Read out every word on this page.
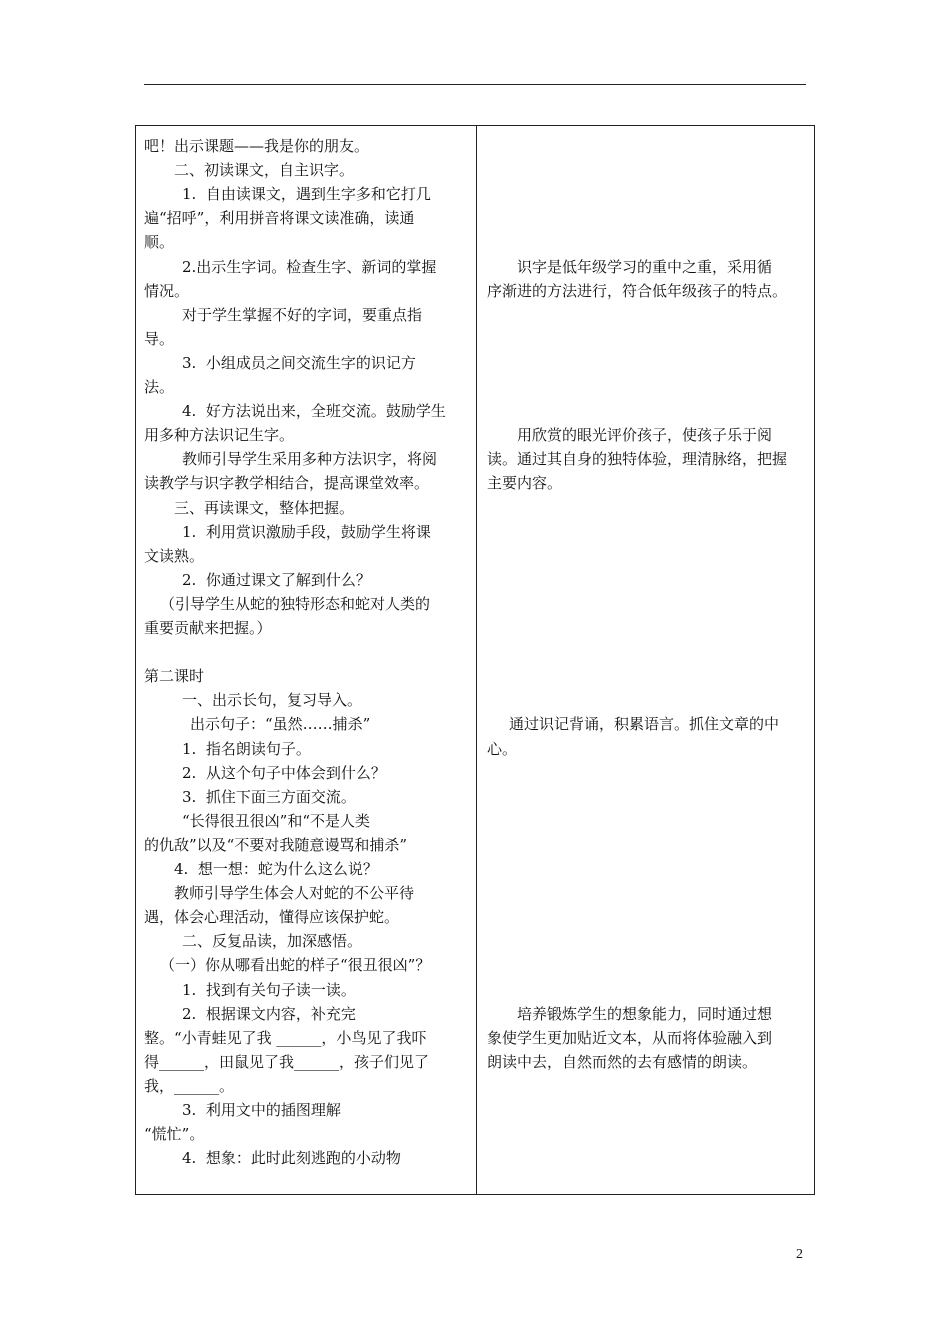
吧！出示课题——我是你的朋友。
二、初读课文，自主识字。
1.  自由读课文，遇到生字多和它打几
遍“招呼”，利用拼音将课文读准确，读通
顺。
2.出示生字词。检查生字、新词的掌握
情况。
对于学生掌握不好的字词，要重点指
导。
3.  小组成员之间交流生字的识记方
法。
4.  好方法说出来，全班交流。鼓励学生
用多种方法识记生字。
教师引导学生采用多种方法识字，将阅
读教学与识字教学相结合，提高课堂效率。
三、再读课文，整体把握。
1.  利用赏识激励手段，鼓励学生将课
文读熟。
2.  你通过课文了解到什么？
（引导学生从蛇的独特形态和蛇对人类的
重要贡献来把握。）
第二课时
一、出示长句，复习导入。
出示句子：“虽然……捕杀”
1.  指名朗读句子。
2.  从这个句子中体会到什么？
3.  抓住下面三方面交流。
“长得很丑很凶”和“不是人类
的仇敌”以及“不要对我随意谩骂和捕杀”
4.  想一想：蛇为什么这么说？
教师引导学生体会人对蛇的不公平待
遇，体会心理活动，懂得应该保护蛇。
二、反复品读，加深感悟。
（一）你从哪看出蛇的样子“很丑很凶”？
1.  找到有关句子读一读。
2.  根据课文内容，补充完
整。“小青蛙见了我 ______，小鸟见了我吓
得______，田鼠见了我______，孩子们见了
我，______。
3.  利用文中的插图理解
“慌忙”。
4.  想象：此时此刻逃跑的小动物
识字是低年级学习的重中之重，采用循
序渐进的方法进行，符合低年级孩子的特点。
用欣赏的眼光评价孩子，使孩子乐于阅
读。通过其自身的独特体验，理清脉络，把握
主要内容。
通过识记背诵，积累语言。抓住文章的中
心。
培养锻炼学生的想象能力，同时通过想
象使学生更加贴近文本，从而将体验融入到
朗读中去，自然而然的去有感情的朗读。
2
